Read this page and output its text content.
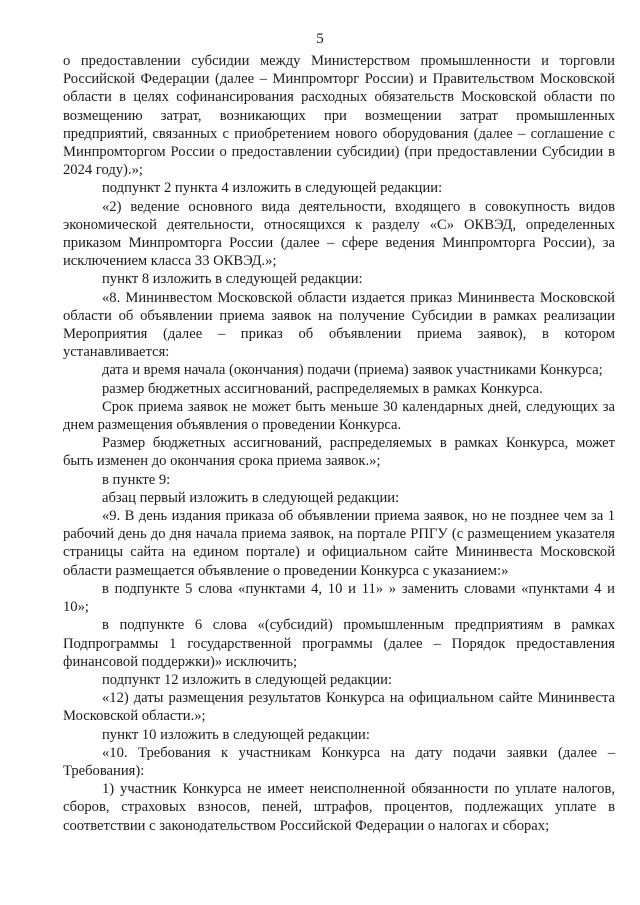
5

о предоставлении субсидии между Министерством промышленности и торговли Российской Федерации (далее – Минпромторг России) и Правительством Московской области в целях софинансирования расходных обязательств Московской области по возмещению затрат, возникающих при возмещении затрат промышленных предприятий, связанных с приобретением нового оборудования (далее – соглашение с Минпромторгом России о предоставлении субсидии) (при предоставлении Субсидии в 2024 году).»;

подпункт 2 пункта 4 изложить в следующей редакции:

«2) ведение основного вида деятельности, входящего в совокупность видов экономической деятельности, относящихся к разделу «С» ОКВЭД, определенных приказом Минпромторга России (далее – сфере ведения Минпромторга России), за исключением класса 33 ОКВЭД.»;

пункт 8 изложить в следующей редакции:

«8. Mининвестом Московской области издается приказ Мининвеста Московской области об объявлении приема заявок на получение Субсидии в рамках реализации Мероприятия (далее – приказ об объявлении приема заявок), в котором устанавливается:

дата и время начала (окончания) подачи (приема) заявок участниками Конкурса;

размер бюджетных ассигнований, распределяемых в рамках Конкурса.

Срок приема заявок не может быть меньше 30 календарных дней, следующих за днем размещения объявления о проведении Конкурса.

Размер бюджетных ассигнований, распределяемых в рамках Конкурса, может быть изменен до окончания срока приема заявок.»;

в пункте 9:

абзац первый изложить в следующей редакции:

«9. В день издания приказа об объявлении приема заявок, но не позднее чем за 1 рабочий день до дня начала приема заявок, на портале РПГУ (с размещением указателя страницы сайта на едином портале) и официальном сайте Мининвеста Московской области размещается объявление о проведении Конкурса с указанием:»

в подпункте 5 слова «пунктами 4, 10 и 11» » заменить словами «пунктами 4 и 10»;

в подпункте 6 слова «(субсидий) промышленным предприятиям в рамках Подпрограммы 1 государственной программы (далее – Порядок предоставления финансовой поддержки)» исключить;

подпункт 12 изложить в следующей редакции:

«12) даты размещения результатов Конкурса на официальном сайте Мининвеста Московской области.»;

пункт 10 изложить в следующей редакции:

«10. Требования к участникам Конкурса на дату подачи заявки (далее – Требования):

1) участник Конкурса не имеет неисполненной обязанности по уплате налогов, сборов, страховых взносов, пеней, штрафов, процентов, подлежащих уплате в соответствии с законодательством Российской Федерации о налогах и сборах;
